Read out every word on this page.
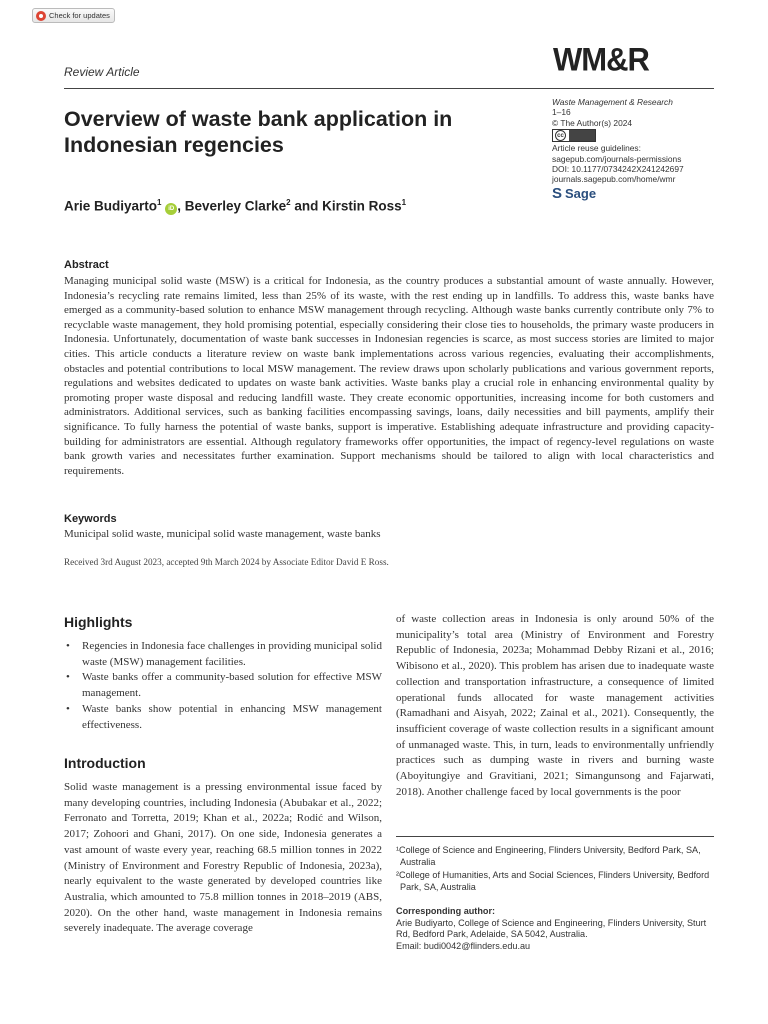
Check for updates
Review Article	WM&R
Waste Management & Research
1–16
© The Author(s) 2024
cc
Article reuse guidelines:
sagepub.com/journals-permissions
DOI: 10.1177/0734242X241242697
journals.sagepub.com/home/wmr
S Sage
Overview of waste bank application in Indonesian regencies
Arie Budiyarto$^1$ iD , Beverley Clarke$^2$ and Kirstin Ross$^1$
Abstract

Managing municipal solid waste (MSW) is a critical for Indonesia, as the country produces a substantial amount of waste annually. However, Indonesia’s recycling rate remains limited, less than 25% of its waste, with the rest ending up in landfills. To address this, waste banks have emerged as a community-based solution to enhance MSW management through recycling. Although waste banks currently contribute only 7% to recyclable waste management, they hold promising potential, especially considering their close ties to households, the primary waste producers in Indonesia. Unfortunately, documentation of waste bank successes in Indonesian regencies is scarce, as most success stories are limited to major cities. This article conducts a literature review on waste bank implementations across various regencies, evaluating their accomplishments, obstacles and potential contributions to local MSW management. The review draws upon scholarly publications and various government reports, regulations and websites dedicated to updates on waste bank activities. Waste banks play a crucial role in enhancing environmental quality by promoting proper waste disposal and reducing landfill waste. They create economic opportunities, increasing income for both customers and administrators. Additional services, such as banking facilities encompassing savings, loans, daily necessities and bill payments, amplify their significance. To fully harness the potential of waste banks, support is imperative. Establishing adequate infrastructure and providing capacity-building for administrators are essential. Although regulatory frameworks offer opportunities, the impact of regency-level regulations on waste bank growth varies and necessitates further examination. Support mechanisms should be tailored to align with local characteristics and requirements.

Keywords
Municipal solid waste, municipal solid waste management, waste banks
Received 3rd August 2023, accepted 9th March 2024 by Associate Editor David E Ross.
Highlights
• Regencies in Indonesia face challenges in providing municipal solid waste (MSW) management facilities.
• Waste banks offer a community-based solution for effective MSW management.
• Waste banks show potential in enhancing MSW management effectiveness.
Introduction

Solid waste management is a pressing environmental issue faced by many developing countries, including Indonesia (Abubakar et al., 2022; Ferronato and Torretta, 2019; Khan et al., 2022a; Rodić and Wilson, 2017; Zohoori and Ghani, 2017). On one side, Indonesia generates a vast amount of waste every year, reaching 68.5 million tonnes in 2022 (Ministry of Environment and Forestry Republic of Indonesia, 2023a), nearly equivalent to the waste generated by developed countries like Australia, which amounted to 75.8 million tonnes in 2018–2019 (ABS, 2020). On the other hand, waste management in Indonesia remains severely inadequate. The average coverage

of waste collection areas in Indonesia is only around 50% of the municipality’s total area (Ministry of Environment and Forestry Republic of Indonesia, 2023a; Mohammad Debby Rizani et al., 2016; Wibisono et al., 2020). This problem has arisen due to inadequate waste collection and transportation infrastructure, a consequence of limited operational funds allocated for waste management activities (Ramadhani and Aisyah, 2022; Zainal et al., 2021). Consequently, the insufficient coverage of waste collection results in a significant amount of unmanaged waste. This, in turn, leads to environmentally unfriendly practices such as dumping waste in rivers and burning waste (Aboyitungiye and Gravitiani, 2021; Simangunsong and Fajarwati, 2018). Another challenge faced by local governments is the poor

¹College of Science and Engineering, Flinders University, Bedford Park, SA, Australia

²College of Humanities, Arts and Social Sciences, Flinders University, Bedford Park, SA, Australia

Corresponding author:
Arie Budiyarto, College of Science and Engineering, Flinders University, Sturt Rd, Bedford Park, Adelaide, SA 5042, Australia.
Email: budi0042@flinders.edu.au
